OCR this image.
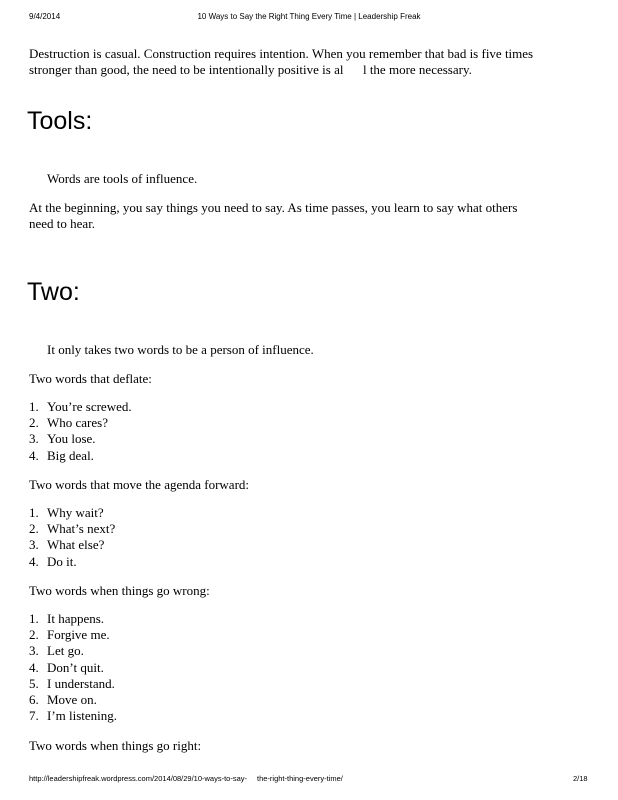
9/4/2014	10 Ways to Say the Right Thing Every Time | Leadership Freak
Destruction is casual. Construction requires intention. When you remember that bad is five times
stronger than good, the need to be intentionally positive is al      l the more necessary.
Tools:
Words are tools of influence.
At the beginning, you say things you need to say. As time passes, you learn to say what others
need to hear.
Two:
It only takes two words to be a person of influence.
Two words that deflate:
1. You’re screwed.
2. Who cares?
3. You lose.
4. Big deal.
Two words that move the agenda forward:
1. Why wait?
2. What’s next?
3. What else?
4. Do it.
Two words when things go wrong:
1. It happens.
2. Forgive me.
3. Let go.
4. Don’t quit.
5. I understand.
6. Move on.
7. I’m listening.
Two words when things go right:
http://leadershipfreak.wordpress.com/2014/08/29/10-ways-to-say- the-right-thing-every-time/	2/18
